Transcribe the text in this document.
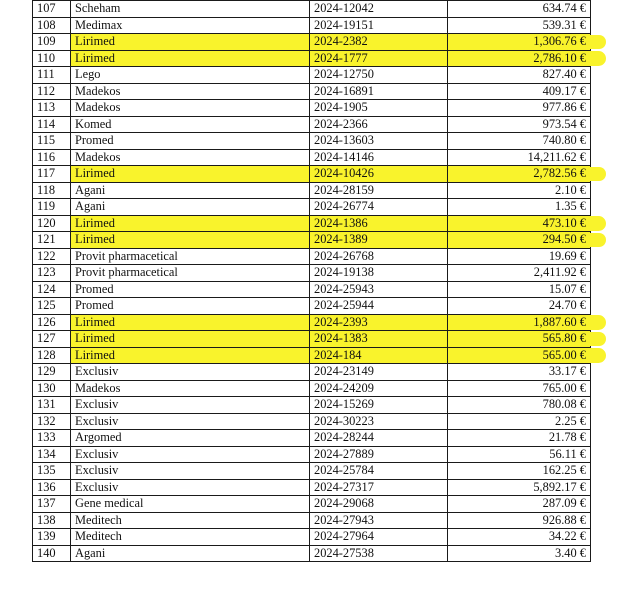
107	Scheham	2024-12042	634.74 €
108	Medimax	2024-19151	539.31 €
109	Lirimed	2024-2382	1,306.76 €
110	Lirimed	2024-1777	2,786.10 €
111	Lego	2024-12750	827.40 €
112	Madekos	2024-16891	409.17 €
113	Madekos	2024-1905	977.86 €
114	Komed	2024-2366	973.54 €
115	Promed	2024-13603	740.80 €
116	Madekos	2024-14146	14,211.62 €
117	Lirimed	2024-10426	2,782.56 €
118	Agani	2024-28159	2.10 €
119	Agani	2024-26774	1.35 €
120	Lirimed	2024-1386	473.10 €
121	Lirimed	2024-1389	294.50 €
122	Provit pharmacetical	2024-26768	19.69 €
123	Provit pharmacetical	2024-19138	2,411.92 €
124	Promed	2024-25943	15.07 €
125	Promed	2024-25944	24.70 €
126	Lirimed	2024-2393	1,887.60 €
127	Lirimed	2024-1383	565.80 €
128	Lirimed	2024-184	565.00 €
129	Exclusiv	2024-23149	33.17 €
130	Madekos	2024-24209	765.00 €
131	Exclusiv	2024-15269	780.08 €
132	Exclusiv	2024-30223	2.25 €
133	Argomed	2024-28244	21.78 €
134	Exclusiv	2024-27889	56.11 €
135	Exclusiv	2024-25784	162.25 €
136	Exclusiv	2024-27317	5,892.17 €
137	Gene medical	2024-29068	287.09 €
138	Meditech	2024-27943	926.88 €
139	Meditech	2024-27964	34.22 €
140	Agani	2024-27538	3.40 €
